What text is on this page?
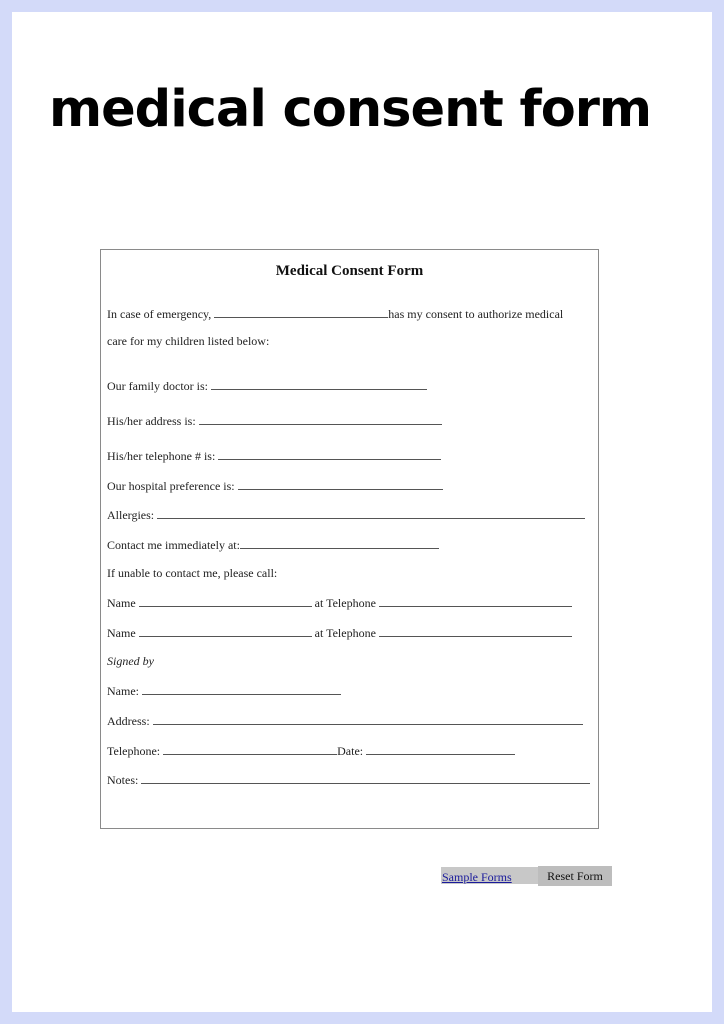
medical consent form
Medical Consent Form
In case of emergency,	has my consent to authorize medical
care for my children listed below:
Our family doctor is:
His/her address is:
His/her telephone # is:
Our hospital preference is:
Allergies:
Contact me immediately at:
If unable to contact me, please call:
Name	at Telephone
Name	at Telephone
Signed by
Name:
Address:
Telephone:	Date:
Notes:
Sample Forms	Reset Form
